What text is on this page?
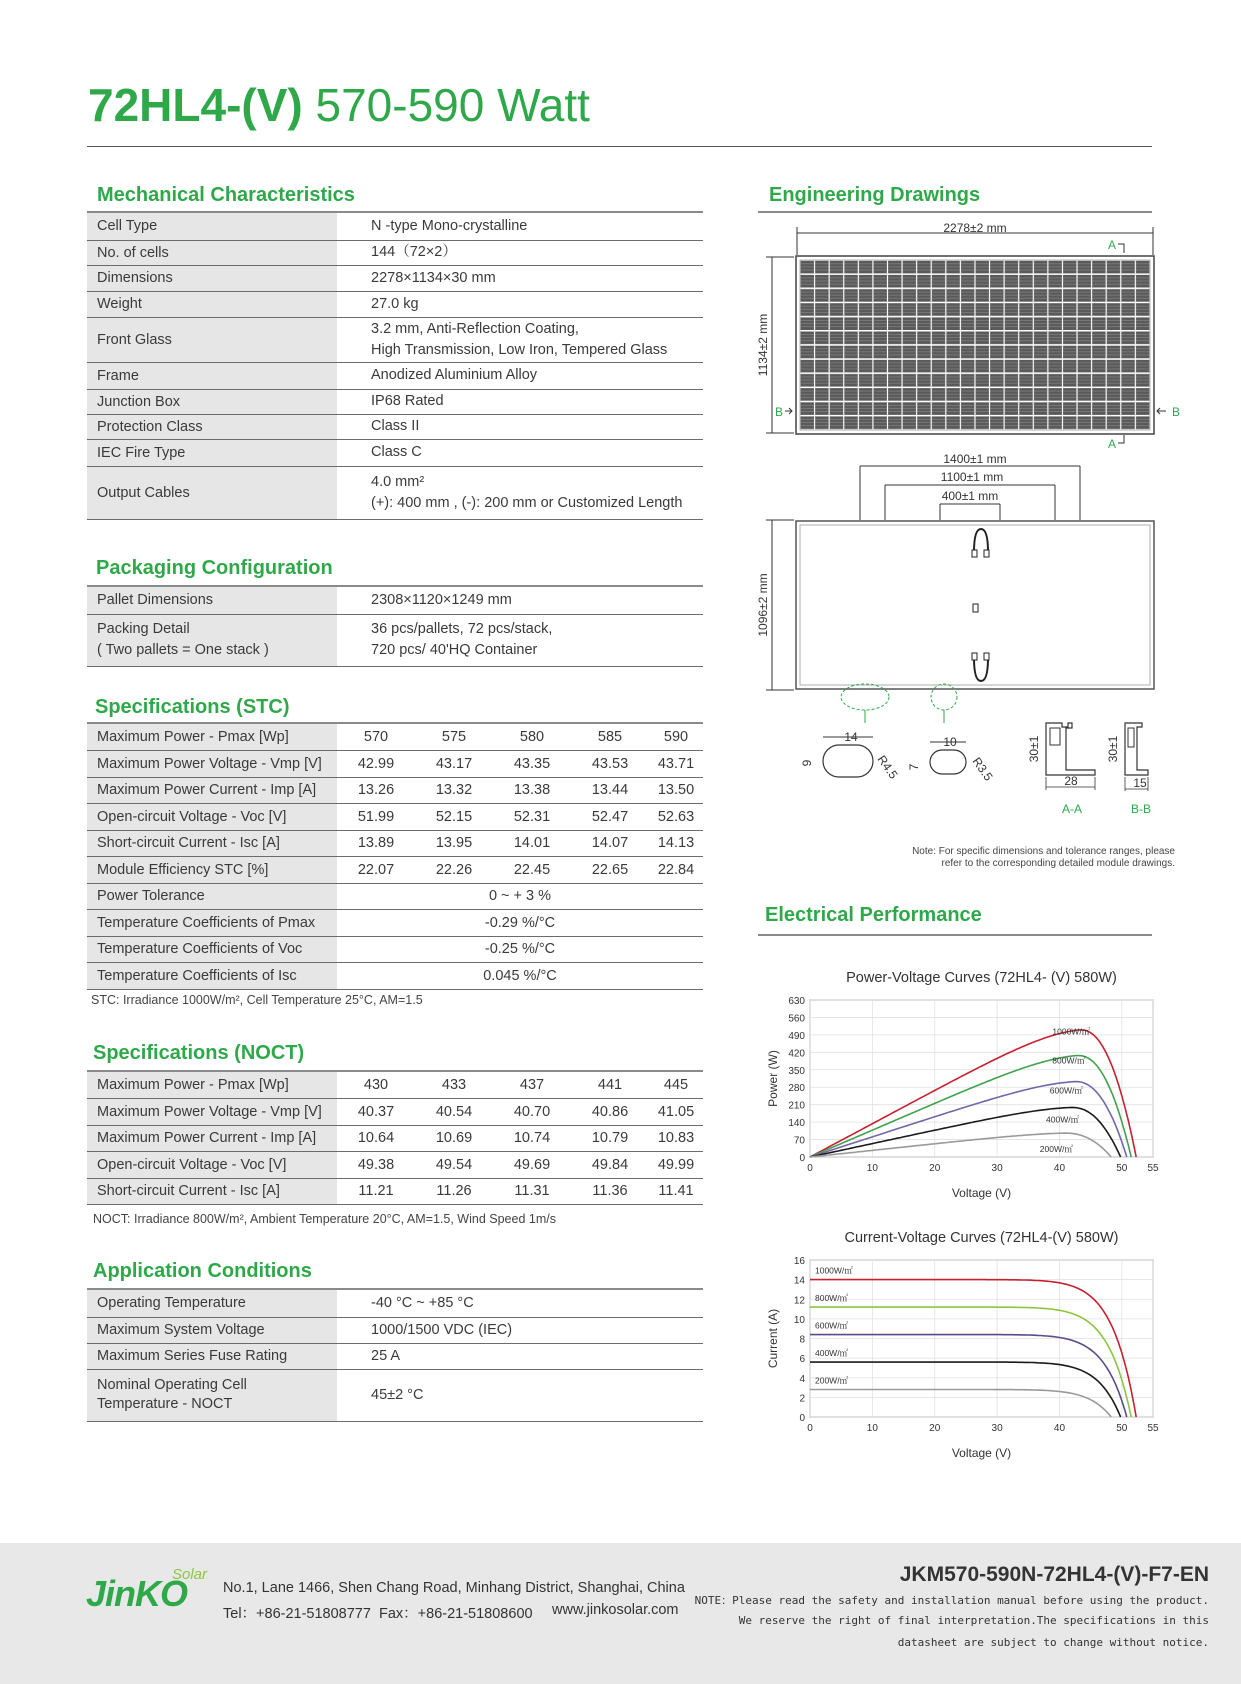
72HL4-(V) 570-590 Watt
Mechanical Characteristics
Cell Type	N -type Mono-crystalline

No. of cells	144（72×2）

Dimensions	2278×1134×30 mm

Weight	27.0 kg

Front Glass	3.2 mm, Anti-Reflection Coating,
High Transmission, Low Iron, Tempered Glass

Frame	Anodized Aluminium Alloy

Junction Box	IP68 Rated

Protection Class	Class II

IEC Fire Type	Class C

Output Cables	4.0 mm²
(+): 400 mm , (-): 200 mm or Customized Length
Packaging Configuration
Pallet Dimensions	2308×1120×1249 mm

Packing Detail
( Two pallets = One stack )	36 pcs/pallets, 72 pcs/stack,
720 pcs/ 40'HQ Container
Specifications (STC)
Maximum Power - Pmax [Wp]	570	575	580	585	590
Maximum Power Voltage - Vmp [V]	42.99	43.17	43.35	43.53	43.71
Maximum Power Current - Imp [A]	13.26	13.32	13.38	13.44	13.50
Open-circuit Voltage - Voc [V]	51.99	52.15	52.31	52.47	52.63
Short-circuit Current - Isc [A]	13.89	13.95	14.01	14.07	14.13
Module Efficiency STC [%]	22.07	22.26	22.45	22.65	22.84
Power Tolerance	0 ~ + 3 %				
Temperature Coefficients of Pmax	-0.29 %/°C				
Temperature Coefficients of Voc	-0.25 %/°C				
Temperature Coefficients of Isc	0.045 %/°C				
STC: Irradiance 1000W/m², Cell Temperature 25°C, AM=1.5
Specifications (NOCT)
Maximum Power - Pmax [Wp]	430	433	437	441	445
Maximum Power Voltage - Vmp [V]	40.37	40.54	40.70	40.86	41.05
Maximum Power Current - Imp [A]	10.64	10.69	10.74	10.79	10.83
Open-circuit Voltage - Voc [V]	49.38	49.54	49.69	49.84	49.99
Short-circuit Current - Isc [A]	11.21	11.26	11.31	11.36	11.41
NOCT: Irradiance 800W/m², Ambient Temperature 20°C, AM=1.5, Wind Speed 1m/s
Application Conditions
Operating Temperature	-40 °C ~ +85 °C

Maximum System Voltage	1000/1500 VDC (IEC)

Maximum Series Fuse Rating	25 A

Nominal Operating Cell
Temperature - NOCT	45±2 °C
Engineering Drawings
2278±2 mm
1134±2 mm
A
A
B	B
1400±1 mm
1100±1 mm
400±1 mm
1096±2 mm
14
9	R4.5
10
7	R3.5	28
30±1
A-A
15
30±1
B-B
Note: For specific dimensions and tolerance ranges, please
refer to the corresponding detailed module drawings.
Electrical Performance
Power-Voltage Curves (72HL4- (V) 580W)
0	10	20	30	40	50 55
0
70
140
210
280
350
420
490
560
630
Voltage (V)
Power (W)
1000W/㎡
800W/㎡
600W/㎡
400W/㎡
200W/㎡
Current-Voltage Curves (72HL4-(V) 580W)
0	10	20	30	40	50 55
0
2
4
6
8
10
12
14
16
Voltage (V)
Current (A)
1000W/㎡
800W/㎡
600W/㎡
400W/㎡
200W/㎡
Solar
JinKO No.1, Lane 1466, Shen Chang Road, Minhang District, Shanghai, China
Tel：+86-21-51808777 Fax：+86-21-51808600 www.jinkosolar.com
JKM570-590N-72HL4-(V)-F7-EN
NOTE：Please read the safety and installation manual before using the product.
We reserve the right of final interpretation.The specifications in this
datasheet are subject to change without notice.
